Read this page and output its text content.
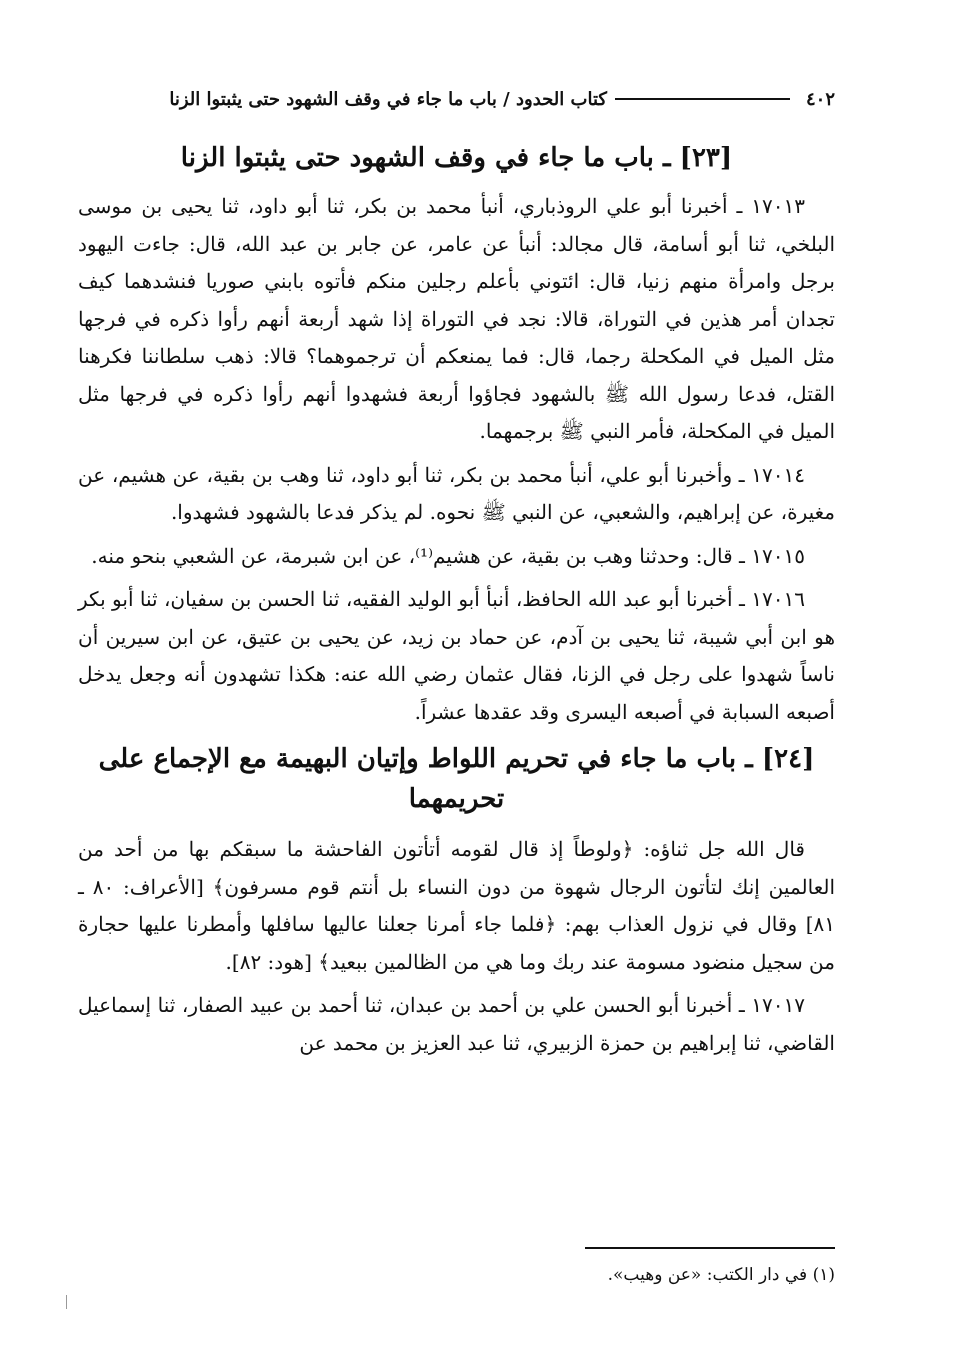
٤٠٢
كتاب الحدود / باب ما جاء في وقف الشهود حتى يثبتوا الزنا
[٢٣] ـ باب ما جاء في وقف الشهود حتى يثبتوا الزنا

١٧٠١٣ ـ أخبرنا أبو علي الروذباري، أنبأ محمد بن بكر، ثنا أبو داود، ثنا يحيى بن موسى البلخي، ثنا أبو أسامة، قال مجالد: أنبأ عن عامر، عن جابر بن عبد الله، قال: جاءت اليهود برجل وامرأة منهم زنيا، قال: ائتوني بأعلم رجلين منكم فأتوه بابني صوريا فنشدهما كيف تجدان أمر هذين في التوراة، قالا: نجد في التوراة إذا شهد أربعة أنهم رأوا ذكره في فرجها مثل الميل في المكحلة رجما، قال: فما يمنعكم أن ترجموهما؟ قالا: ذهب سلطاننا فكرهنا القتل، فدعا رسول الله ﷺ بالشهود فجاؤوا أربعة فشهدوا أنهم رأوا ذكره في فرجها مثل الميل في المكحلة، فأمر النبي ﷺ برجمهما.

١٧٠١٤ ـ وأخبرنا أبو علي، أنبأ محمد بن بكر، ثنا أبو داود، ثنا وهب بن بقية، عن هشيم، عن مغيرة، عن إبراهيم، والشعبي، عن النبي ﷺ نحوه. لم يذكر فدعا بالشهود فشهدوا.

١٧٠١٥ ـ قال: وحدثنا وهب بن بقية، عن هشيم⁽¹⁾، عن ابن شبرمة، عن الشعبي بنحو منه.

١٧٠١٦ ـ أخبرنا أبو عبد الله الحافظ، أنبأ أبو الوليد الفقيه، ثنا الحسن بن سفيان، ثنا أبو بكر هو ابن أبي شيبة، ثنا يحيى بن آدم، عن حماد بن زيد، عن يحيى بن عتيق، عن ابن سيرين أن ناساً شهدوا على رجل في الزنا، فقال عثمان رضي الله عنه: هكذا تشهدون أنه وجعل يدخل أصبعه السبابة في أصبعه اليسرى وقد عقدها عشراً.

[٢٤] ـ باب ما جاء في تحريم اللواط وإتيان البهيمة مع الإجماع على تحريمهما

قال الله جل ثناؤه: ﴿ولوطاً إذ قال لقومه أتأتون الفاحشة ما سبقكم بها من أحد من العالمين إنك لتأتون الرجال شهوة من دون النساء بل أنتم قوم مسرفون﴾ [الأعراف: ٨٠ ـ ٨١] وقال في نزول العذاب بهم: ﴿فلما جاء أمرنا جعلنا عاليها سافلها وأمطرنا عليها حجارة من سجيل منضود مسومة عند ربك وما هي من الظالمين ببعيد﴾ [هود: ٨٢].

١٧٠١٧ ـ أخبرنا أبو الحسن علي بن أحمد بن عبدان، ثنا أحمد بن عبيد الصفار، ثنا إسماعيل القاضي، ثنا إبراهيم بن حمزة الزبيري، ثنا عبد العزيز بن محمد عن

(١) في دار الكتب: «عن وهيب».
